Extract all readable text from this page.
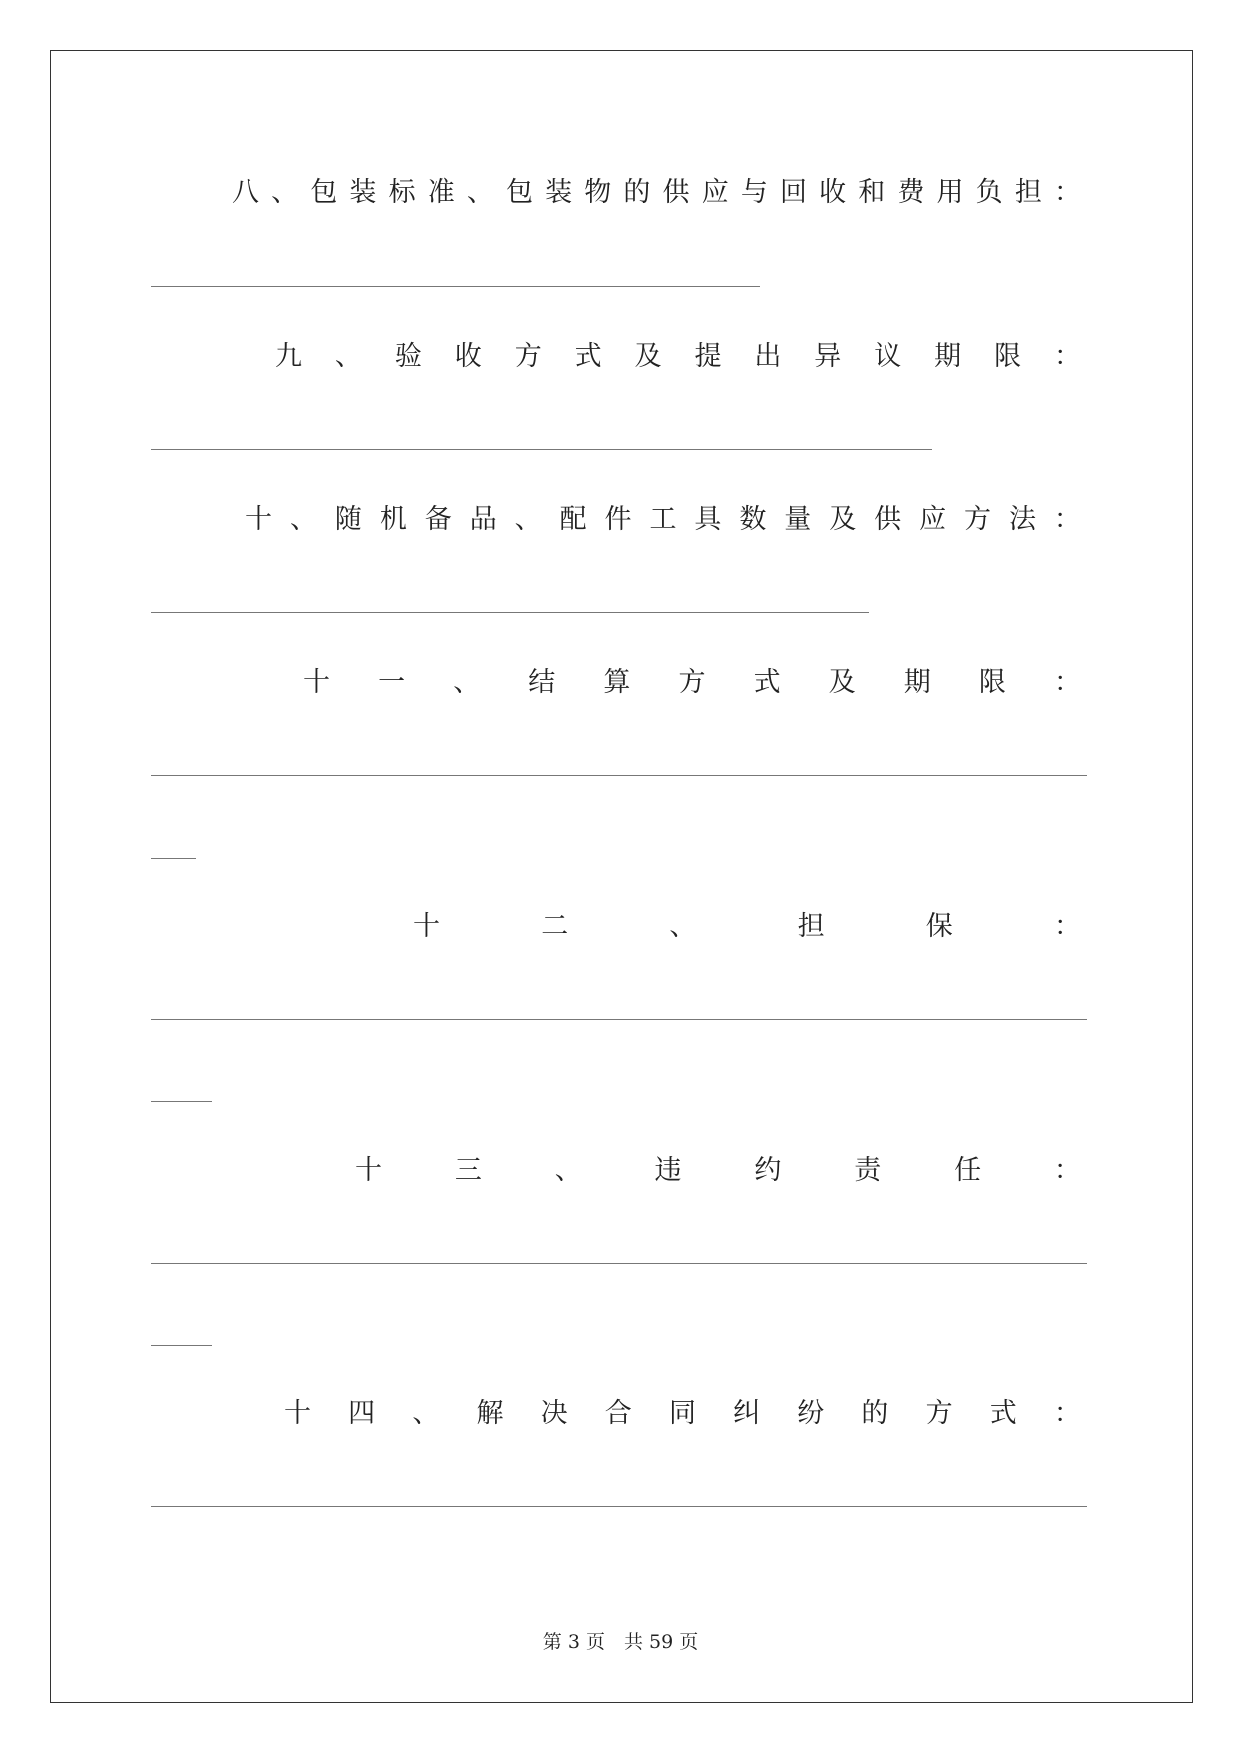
八 、 包 装 标 准 、 包 装 物 的 供 应 与 回 收 和 费 用 负 担 ：
九 、 验 收 方 式 及 提 出 异 议 期 限 ：
十 、 随 机 备 品 、 配 件 工 具 数 量 及 供 应 方 法 ：
十 一 、 结 算 方 式 及 期 限 ：
十	二	、	担	保	：
十	三	、	违	约	责	任	：
十 四 、 解 决 合 同 纠 纷 的 方 式 ：
第 3 页　共 59 页
